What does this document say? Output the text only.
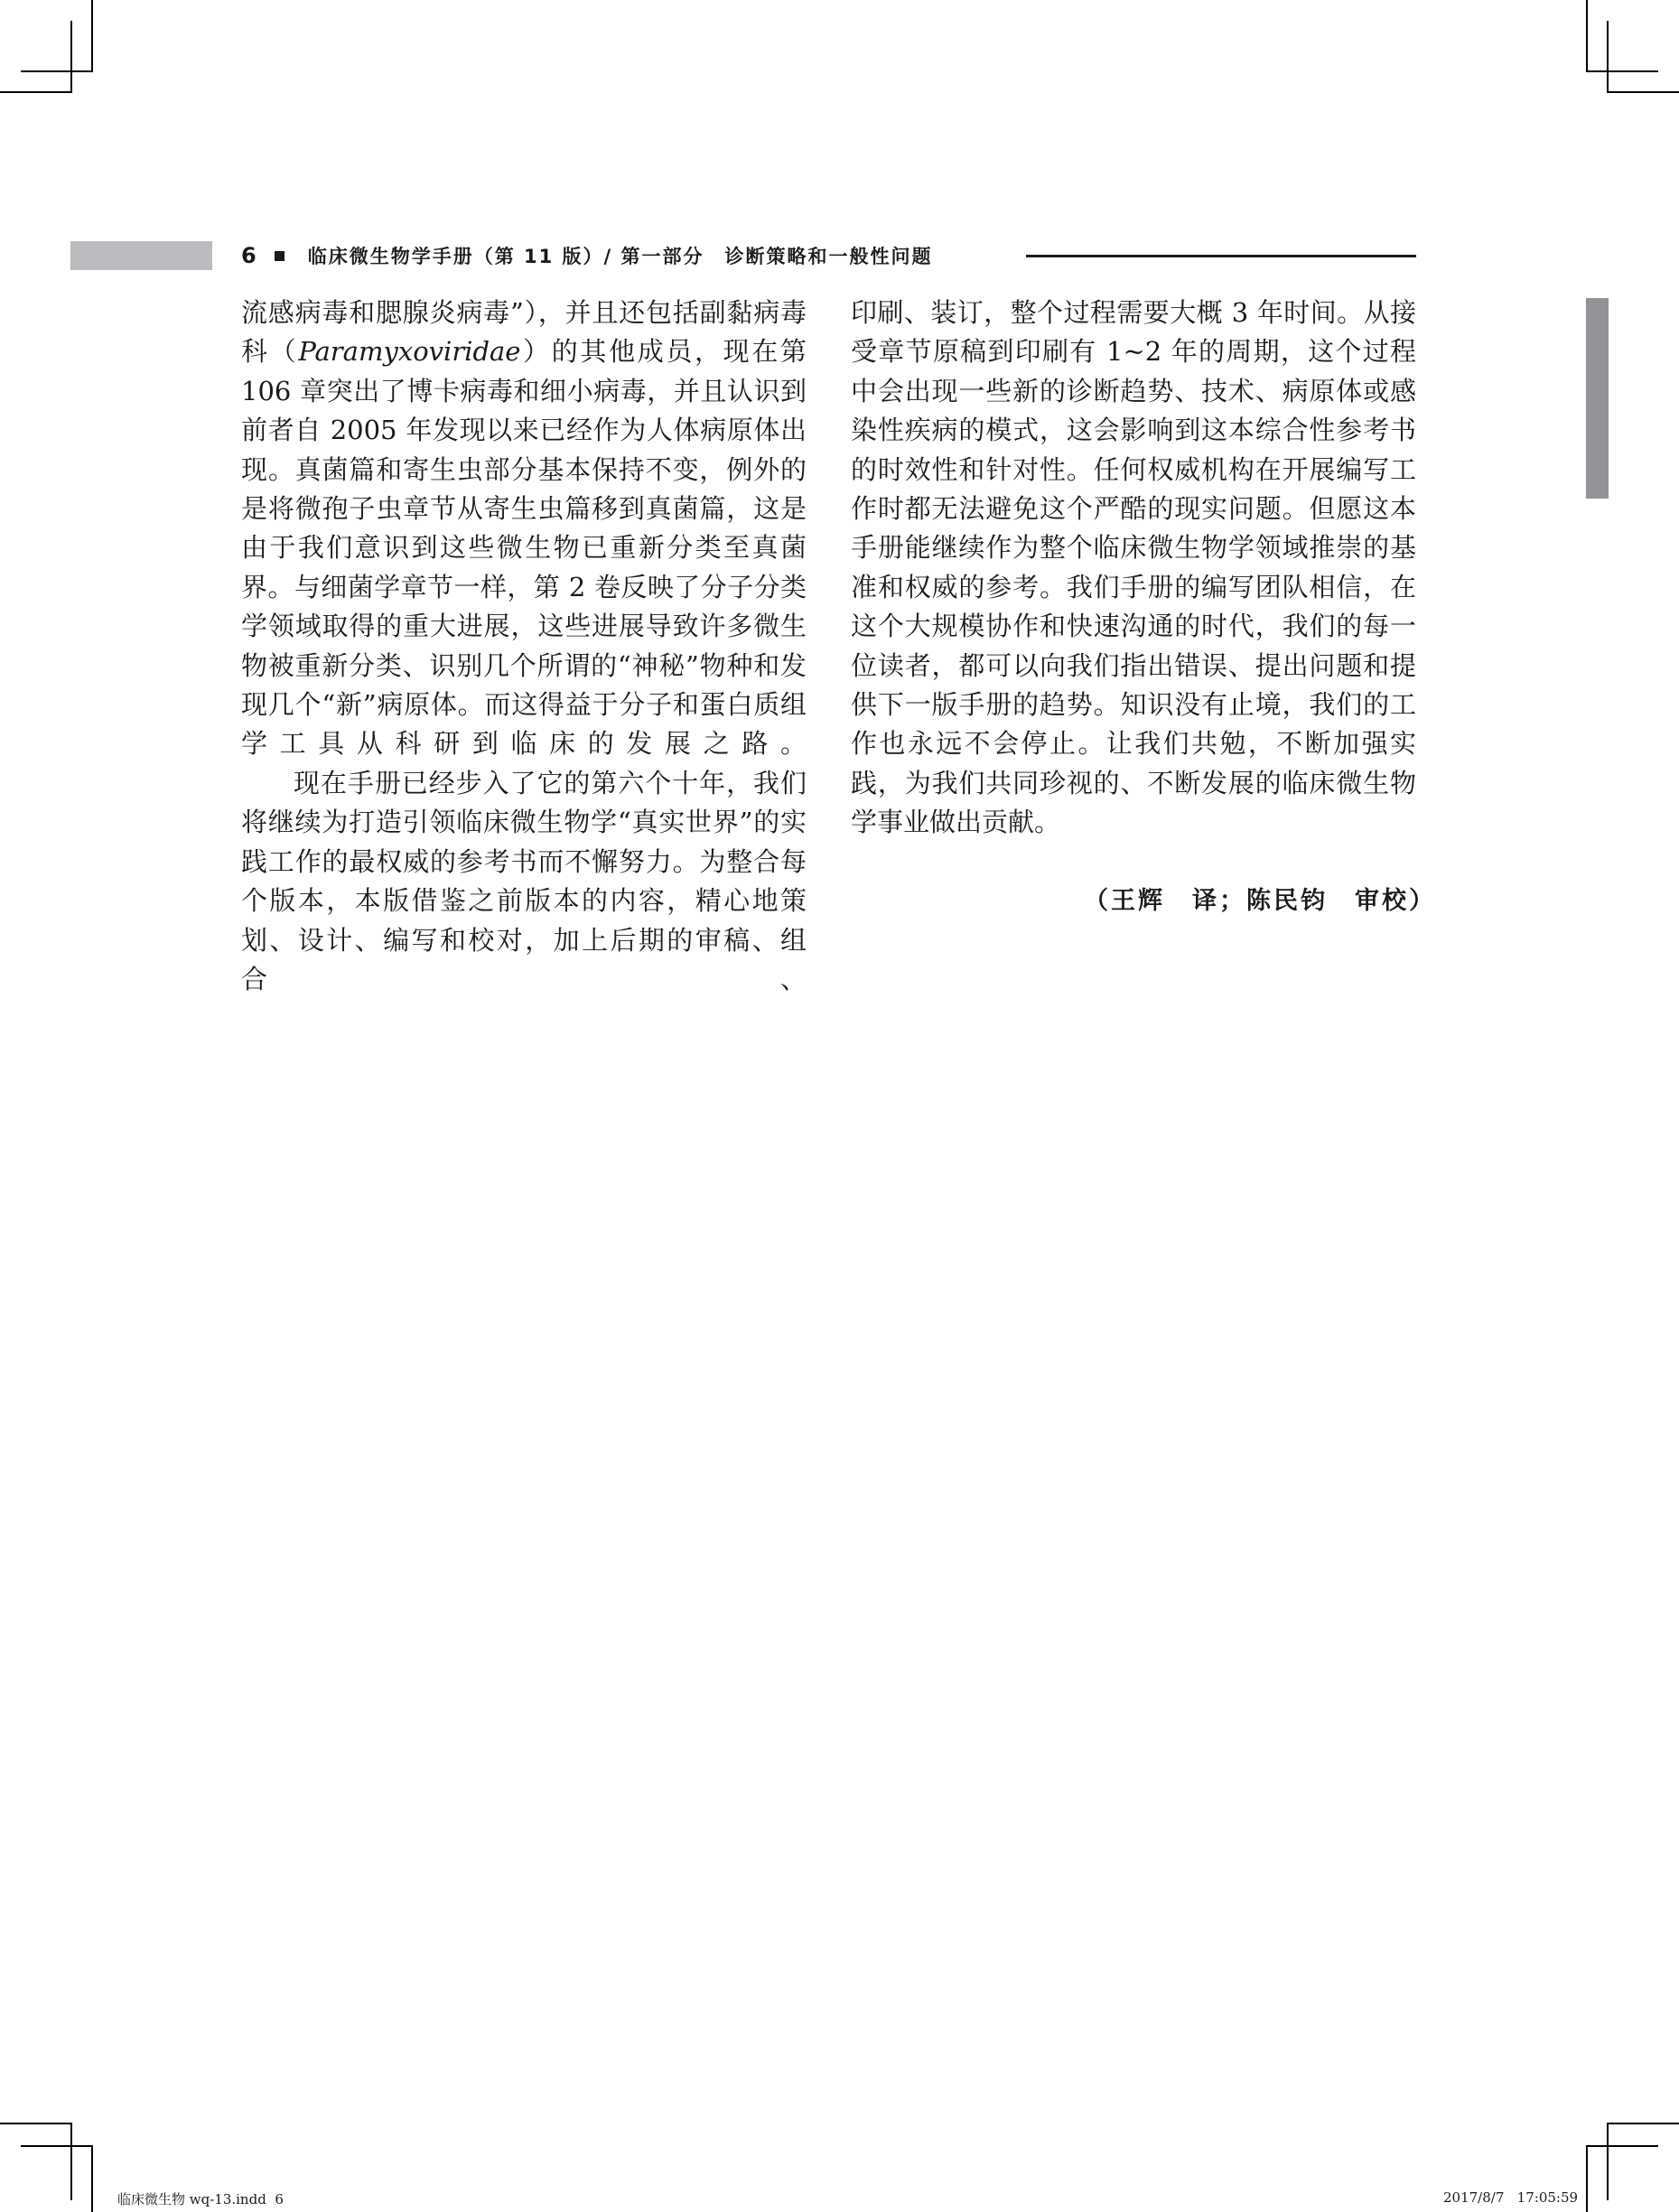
6	临床微生物学手册（第 11 版）/ 第一部分　诊断策略和一般性问题

流感病毒和腮腺炎病毒”），并且还包括副黏病毒科（Paramyxoviridae）的其他成员，现在第 106 章突出了博卡病毒和细小病毒，并且认识到前者自 2005 年发现以来已经作为人体病原体出现。真菌篇和寄生虫部分基本保持不变，例外的是将微孢子虫章节从寄生虫篇移到真菌篇，这是由于我们意识到这些微生物已重新分类至真菌界。与细菌学章节一样，第 2 卷反映了分子分类学领域取得的重大进展，这些进展导致许多微生物被重新分类、识别几个所谓的“神秘”物种和发现几个“新”病原体。而这得益于分子和蛋白质组学工具从科研到临床的发展之路。

现在手册已经步入了它的第六个十年，我们将继续为打造引领临床微生物学“真实世界”的实践工作的最权威的参考书而不懈努力。为整合每个版本，本版借鉴之前版本的内容，精心地策划、设计、编写和校对，加上后期的审稿、组合、

印刷、装订，整个过程需要大概 3 年时间。从接受章节原稿到印刷有 1~2 年的周期，这个过程中会出现一些新的诊断趋势、技术、病原体或感染性疾病的模式，这会影响到这本综合性参考书的时效性和针对性。任何权威机构在开展编写工作时都无法避免这个严酷的现实问题。但愿这本手册能继续作为整个临床微生物学领域推崇的基准和权威的参考。我们手册的编写团队相信，在这个大规模协作和快速沟通的时代，我们的每一位读者，都可以向我们指出错误、提出问题和提供下一版手册的趋势。知识没有止境，我们的工作也永远不会停止。让我们共勉，不断加强实践，为我们共同珍视的、不断发展的临床微生物学事业做出贡献。

（王辉　译；陈民钧　审校）
临床微生物 wq-13.indd  6	2017/8/7   17:05:59
